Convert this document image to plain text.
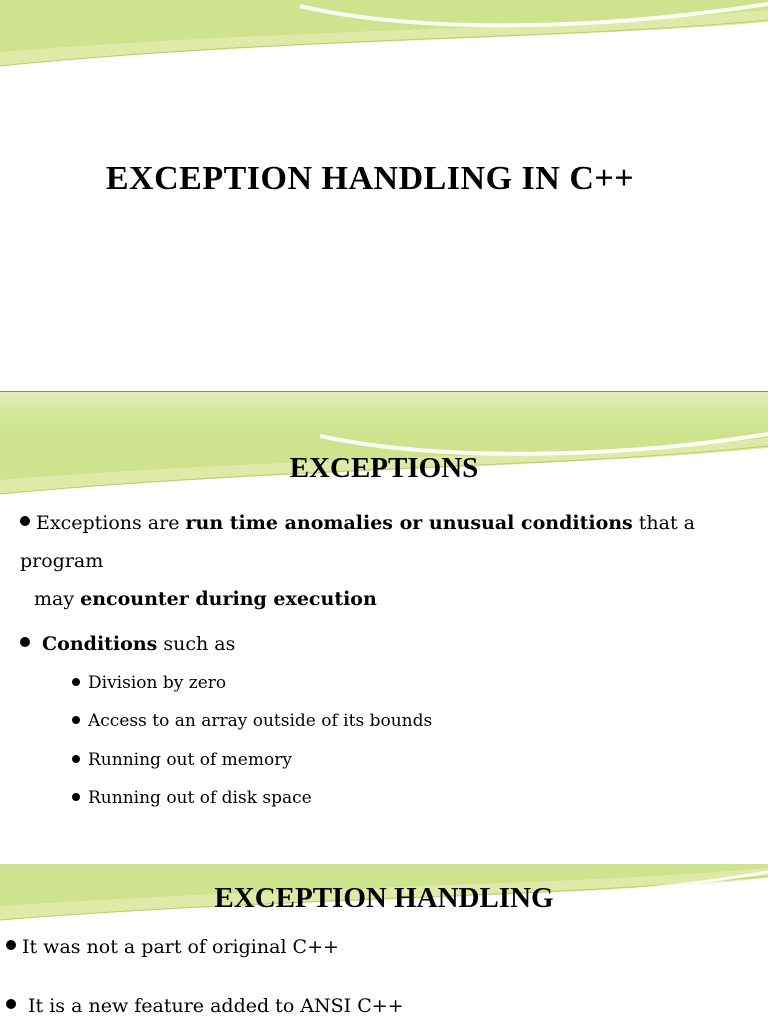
EXCEPTION HANDLING IN C++
EXCEPTIONS
Exceptions are run time anomalies or unusual conditions that a program
may encounter during execution
Conditions such as
Division by zero
Access to an array outside of its bounds
Running out of memory
Running out of disk space
EXCEPTION HANDLING
It was not a part of original C++
It is a new feature added to ANSI C++
